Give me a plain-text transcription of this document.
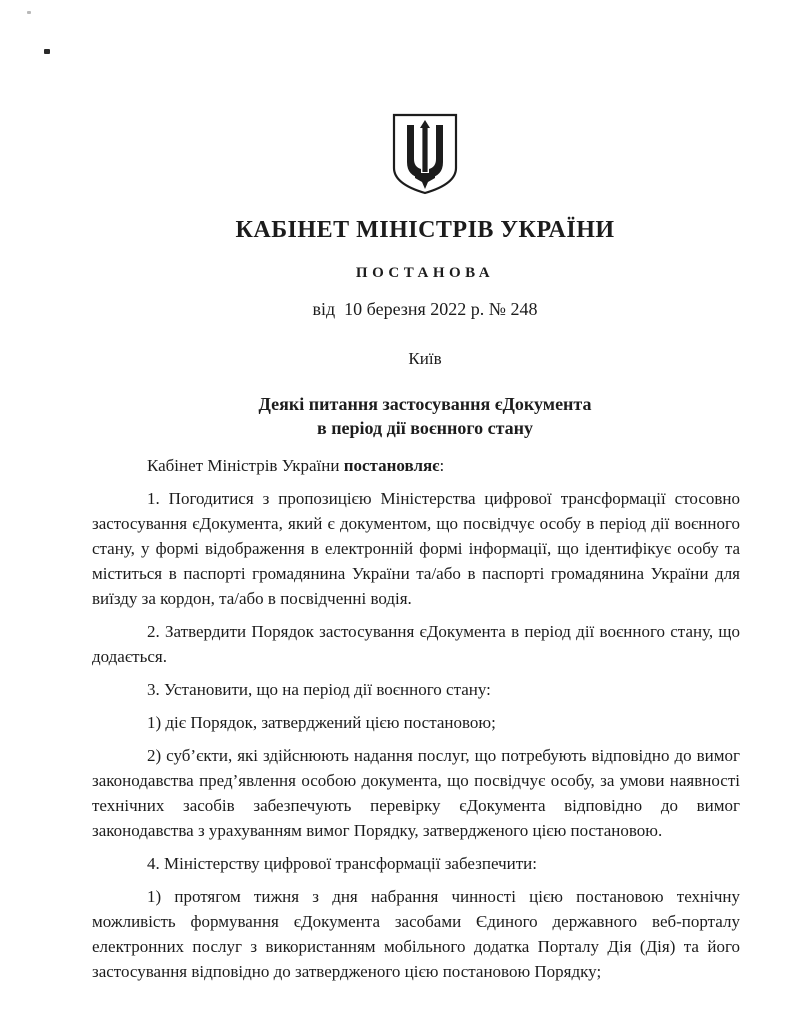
КАБІНЕТ МІНІСТРІВ УКРАЇНИ
ПОСТАНОВА
від  10 березня 2022 р. № 248
Київ
Деякі питання застосування єДокумента
в період дії воєнного стану

Кабінет Міністрів України постановляє:

1. Погодитися з пропозицією Міністерства цифрової трансформації стосовно застосування єДокумента, який є документом, що посвідчує особу в період дії воєнного стану, у формі відображення в електронній формі інформації, що ідентифікує особу та міститься в паспорті громадянина України та/або в паспорті громадянина України для виїзду за кордон, та/або в посвідченні водія.

2. Затвердити Порядок застосування єДокумента в період дії воєнного стану, що додається.

3. Установити, що на період дії воєнного стану:

1) діє Порядок, затверджений цією постановою;

2) суб’єкти, які здійснюють надання послуг, що потребують відповідно до вимог законодавства пред’явлення особою документа, що посвідчує особу, за умови наявності технічних засобів забезпечують перевірку єДокумента відповідно до вимог законодавства з урахуванням вимог Порядку, затвердженого цією постановою.

4. Міністерству цифрової трансформації забезпечити:

1) протягом тижня з дня набрання чинності цією постановою технічну можливість формування єДокумента засобами Єдиного державного веб-порталу електронних послуг з використанням мобільного додатка Порталу Дія (Дія) та його застосування відповідно до затвердженого цією постановою Порядку;
